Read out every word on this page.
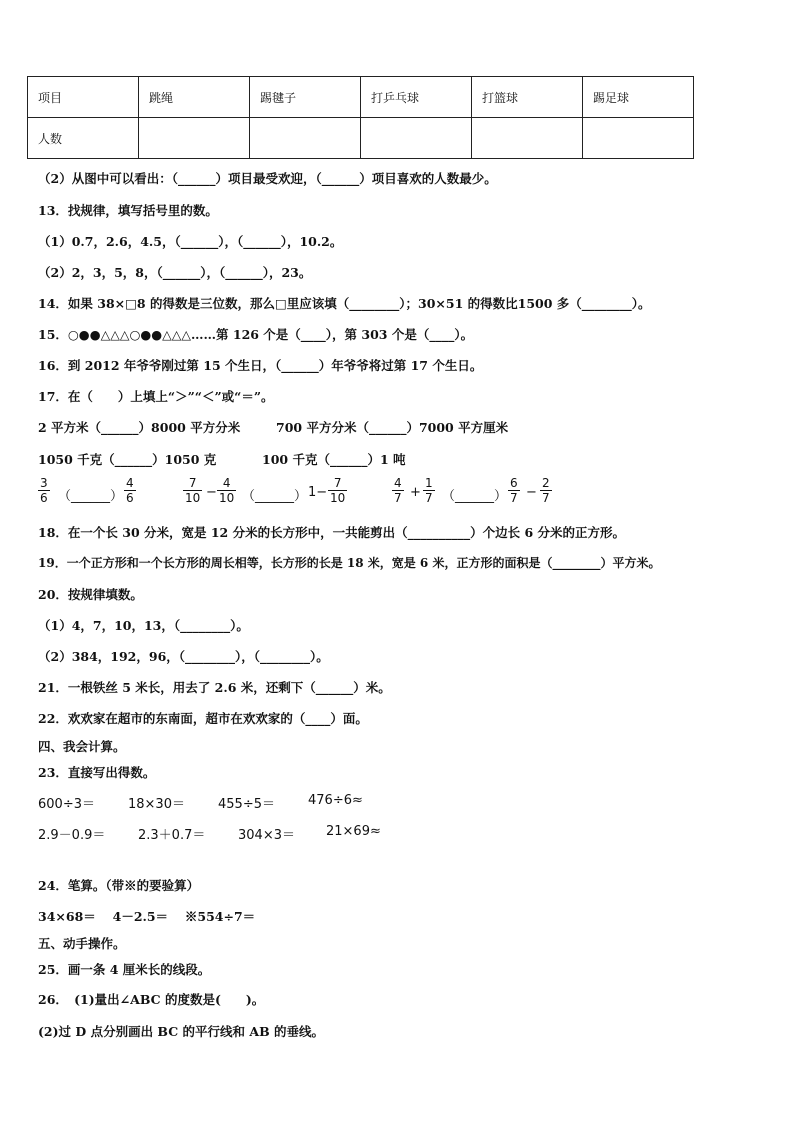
项目	跳绳	踢毽子	打乒乓球	打篮球	踢足球
人数					
（2）从图中可以看出：（______）项目最受欢迎，（______）项目喜欢的人数最少。
13．找规律，填写括号里的数。
（1）0.7，2.6，4.5，（______），（______），10.2。
（2）2，3，5，8，（______），（______），23。
14．如果 38×□8 的得数是三位数，那么□里应该填（________）；30×51 的得数比1500 多（________）。
15．○●●△△△○●●△△△……第 126 个是（____），第 303 个是（____）。
16．到 2012 年爷爷刚过第 15 个生日，（______）年爷爷将过第 17 个生日。
17．在（　　）上填上“＞”“＜”或“＝”。
2 平方米（______）8000 平方分米	700 平方分米（______）7000 平方厘米
1050 千克（______）1050 克	100 千克（______）1 吨
3
6 （______）
4
6
7
10 −
4
10 （______） 1−
7
10
4
7 +
1
7 （______）
6
7 −
2
7
18．在一个长 30 分米，宽是 12 分米的长方形中，一共能剪出（__________）个边长 6 分米的正方形。
19．一个正方形和一个长方形的周长相等，长方形的长是 18 米，宽是 6 米，正方形的面积是（________）平方米。
20．按规律填数。
（1）4，7，10，13，（________）。
（2）384，192，96，（________），（________）。
21．一根铁丝 5 米长，用去了 2.6 米，还剩下（______）米。
22．欢欢家在超市的东南面，超市在欢欢家的（____）面。
四、我会计算。
23．直接写出得数。
600÷3＝	18×30＝	455÷5＝	476÷6≈
2.9－0.9＝	2.3＋0.7＝	304×3＝ 21×69≈
24．笔算。（带※的要验算）
34×68＝　 4－2.5＝　 ※554÷7＝
五、动手操作。
25．画一条 4 厘米长的线段。
26．　(1)量出∠ABC 的度数是(　　)。
(2)过 D 点分别画出 BC 的平行线和 AB 的垂线。
